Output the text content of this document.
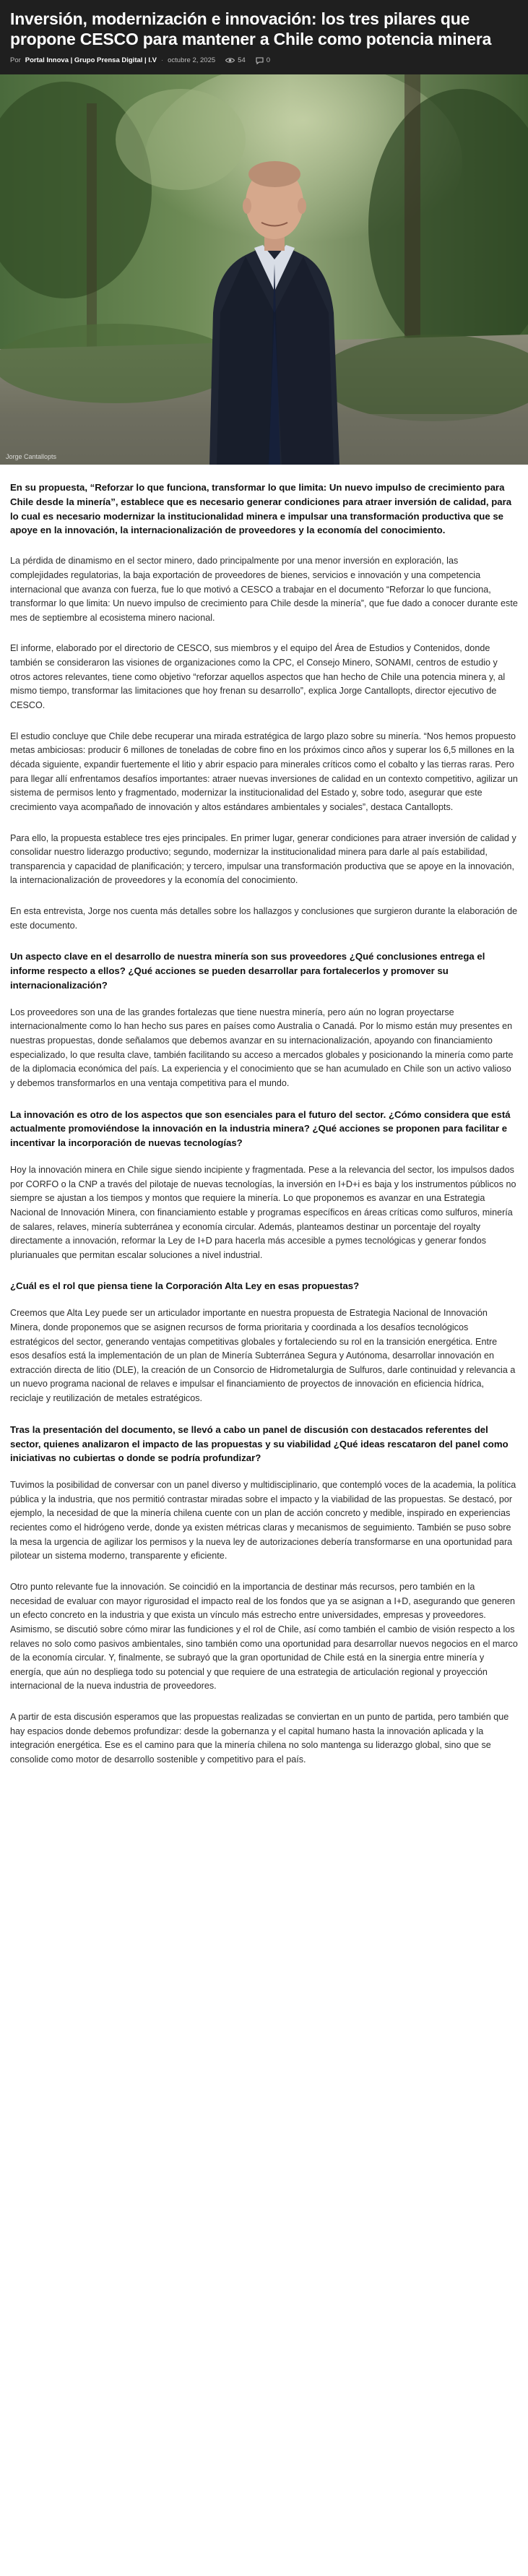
Inversión, modernización e innovación: los tres pilares que propone CESCO para mantener a Chile como potencia minera
Por Portal Innova | Grupo Prensa Digital | I.V · octubre 2, 2025	54	0
Jorge Cantallopts

En su propuesta, “Reforzar lo que funciona, transformar lo que limita: Un nuevo impulso de crecimiento para Chile desde la minería”, establece que es necesario generar condiciones para atraer inversión de calidad, para lo cual es necesario modernizar la institucionalidad minera e impulsar una transformación productiva que se apoye en la innovación, la internacionalización de proveedores y la economía del conocimiento.

La pérdida de dinamismo en el sector minero, dado principalmente por una menor inversión en exploración, las complejidades regulatorias, la baja exportación de proveedores de bienes, servicios e innovación y una competencia internacional que avanza con fuerza, fue lo que motivó a CESCO a trabajar en el documento “Reforzar lo que funciona, transformar lo que limita: Un nuevo impulso de crecimiento para Chile desde la minería”, que fue dado a conocer durante este mes de septiembre al ecosistema minero nacional.

El informe, elaborado por el directorio de CESCO, sus miembros y el equipo del Área de Estudios y Contenidos, donde también se consideraron las visiones de organizaciones como la CPC, el Consejo Minero, SONAMI, centros de estudio y otros actores relevantes, tiene como objetivo “reforzar aquellos aspectos que han hecho de Chile una potencia minera y, al mismo tiempo, transformar las limitaciones que hoy frenan su desarrollo”, explica Jorge Cantallopts, director ejecutivo de CESCO.

El estudio concluye que Chile debe recuperar una mirada estratégica de largo plazo sobre su minería. “Nos hemos propuesto metas ambiciosas: producir 6 millones de toneladas de cobre fino en los próximos cinco años y superar los 6,5 millones en la década siguiente, expandir fuertemente el litio y abrir espacio para minerales críticos como el cobalto y las tierras raras. Pero para llegar allí enfrentamos desafíos importantes: atraer nuevas inversiones de calidad en un contexto competitivo, agilizar un sistema de permisos lento y fragmentado, modernizar la institucionalidad del Estado y, sobre todo, asegurar que este crecimiento vaya acompañado de innovación y altos estándares ambientales y sociales”, destaca Cantallopts.

Para ello, la propuesta establece tres ejes principales. En primer lugar, generar condiciones para atraer inversión de calidad y consolidar nuestro liderazgo productivo; segundo, modernizar la institucionalidad minera para darle al país estabilidad, transparencia y capacidad de planificación; y tercero, impulsar una transformación productiva que se apoye en la innovación, la internacionalización de proveedores y la economía del conocimiento.

En esta entrevista, Jorge nos cuenta más detalles sobre los hallazgos y conclusiones que surgieron durante la elaboración de este documento.

Un aspecto clave en el desarrollo de nuestra minería son sus proveedores ¿Qué conclusiones entrega el informe respecto a ellos? ¿Qué acciones se pueden desarrollar para fortalecerlos y promover su internacionalización?

Los proveedores son una de las grandes fortalezas que tiene nuestra minería, pero aún no logran proyectarse internacionalmente como lo han hecho sus pares en países como Australia o Canadá. Por lo mismo están muy presentes en nuestras propuestas, donde señalamos que debemos avanzar en su internacionalización, apoyando con financiamiento especializado, lo que resulta clave, también facilitando su acceso a mercados globales y posicionando la minería como parte de la diplomacia económica del país. La experiencia y el conocimiento que se han acumulado en Chile son un activo valioso y debemos transformarlos en una ventaja competitiva para el mundo.

La innovación es otro de los aspectos que son esenciales para el futuro del sector. ¿Cómo considera que está actualmente promoviéndose la innovación en la industria minera? ¿Qué acciones se proponen para facilitar e incentivar la incorporación de nuevas tecnologías?

Hoy la innovación minera en Chile sigue siendo incipiente y fragmentada. Pese a la relevancia del sector, los impulsos dados por CORFO o la CNP a través del pilotaje de nuevas tecnologías, la inversión en I+D+i es baja y los instrumentos públicos no siempre se ajustan a los tiempos y montos que requiere la minería. Lo que proponemos es avanzar en una Estrategia Nacional de Innovación Minera, con financiamiento estable y programas específicos en áreas críticas como sulfuros, minería de salares, relaves, minería subterránea y economía circular. Además, planteamos destinar un porcentaje del royalty directamente a innovación, reformar la Ley de I+D para hacerla más accesible a pymes tecnológicas y generar fondos plurianuales que permitan escalar soluciones a nivel industrial.

¿Cuál es el rol que piensa tiene la Corporación Alta Ley en esas propuestas?

Creemos que Alta Ley puede ser un articulador importante en nuestra propuesta de Estrategia Nacional de Innovación Minera, donde proponemos que se asignen recursos de forma prioritaria y coordinada a los desafíos tecnológicos estratégicos del sector, generando ventajas competitivas globales y fortaleciendo su rol en la transición energética. Entre esos desafíos está la implementación de un plan de Minería Subterránea Segura y Autónoma, desarrollar innovación en extracción directa de litio (DLE), la creación de un Consorcio de Hidrometalurgia de Sulfuros, darle continuidad y relevancia a un nuevo programa nacional de relaves e impulsar el financiamiento de proyectos de innovación en eficiencia hídrica, reciclaje y reutilización de metales estratégicos.

Tras la presentación del documento, se llevó a cabo un panel de discusión con destacados referentes del sector, quienes analizaron el impacto de las propuestas y su viabilidad ¿Qué ideas rescataron del panel como iniciativas no cubiertas o donde se podría profundizar?

Tuvimos la posibilidad de conversar con un panel diverso y multidisciplinario, que contempló voces de la academia, la política pública y la industria, que nos permitió contrastar miradas sobre el impacto y la viabilidad de las propuestas. Se destacó, por ejemplo, la necesidad de que la minería chilena cuente con un plan de acción concreto y medible, inspirado en experiencias recientes como el hidrógeno verde, donde ya existen métricas claras y mecanismos de seguimiento. También se puso sobre la mesa la urgencia de agilizar los permisos y la nueva ley de autorizaciones debería transformarse en una oportunidad para pilotear un sistema moderno, transparente y eficiente.

Otro punto relevante fue la innovación. Se coincidió en la importancia de destinar más recursos, pero también en la necesidad de evaluar con mayor rigurosidad el impacto real de los fondos que ya se asignan a I+D, asegurando que generen un efecto concreto en la industria y que exista un vínculo más estrecho entre universidades, empresas y proveedores. Asimismo, se discutió sobre cómo mirar las fundiciones y el rol de Chile, así como también el cambio de visión respecto a los relaves no solo como pasivos ambientales, sino también como una oportunidad para desarrollar nuevos negocios en el marco de la economía circular. Y, finalmente, se subrayó que la gran oportunidad de Chile está en la sinergia entre minería y energía, que aún no despliega todo su potencial y que requiere de una estrategia de articulación regional y proyección internacional de la nueva industria de proveedores.

A partir de esta discusión esperamos que las propuestas realizadas se conviertan en un punto de partida, pero también que hay espacios donde debemos profundizar: desde la gobernanza y el capital humano hasta la innovación aplicada y la integración energética. Ese es el camino para que la minería chilena no solo mantenga su liderazgo global, sino que se consolide como motor de desarrollo sostenible y competitivo para el país.
